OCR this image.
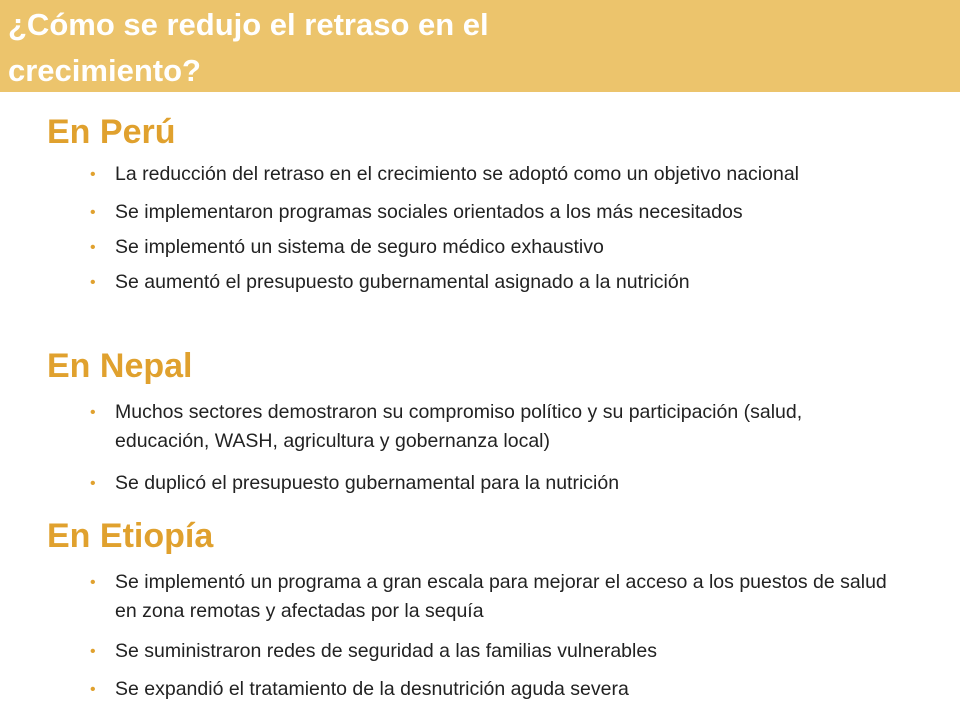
¿Cómo se redujo el retraso en el
crecimiento?
En Perú
• La reducción del retraso en el crecimiento se adoptó como un objetivo nacional
• Se implementaron programas sociales orientados a los más necesitados
• Se implementó un sistema de seguro médico exhaustivo
• Se aumentó el presupuesto gubernamental asignado a la nutrición
En Nepal
• Muchos sectores demostraron su compromiso político y su participación (salud, educación, WASH, agricultura y gobernanza local)
• Se duplicó el presupuesto gubernamental para la nutrición
En Etiopía
• Se implementó un programa a gran escala para mejorar el acceso a los puestos de salud en zona remotas y afectadas por la sequía
• Se suministraron redes de seguridad a las familias vulnerables
• Se expandió el tratamiento de la desnutrición aguda severa
